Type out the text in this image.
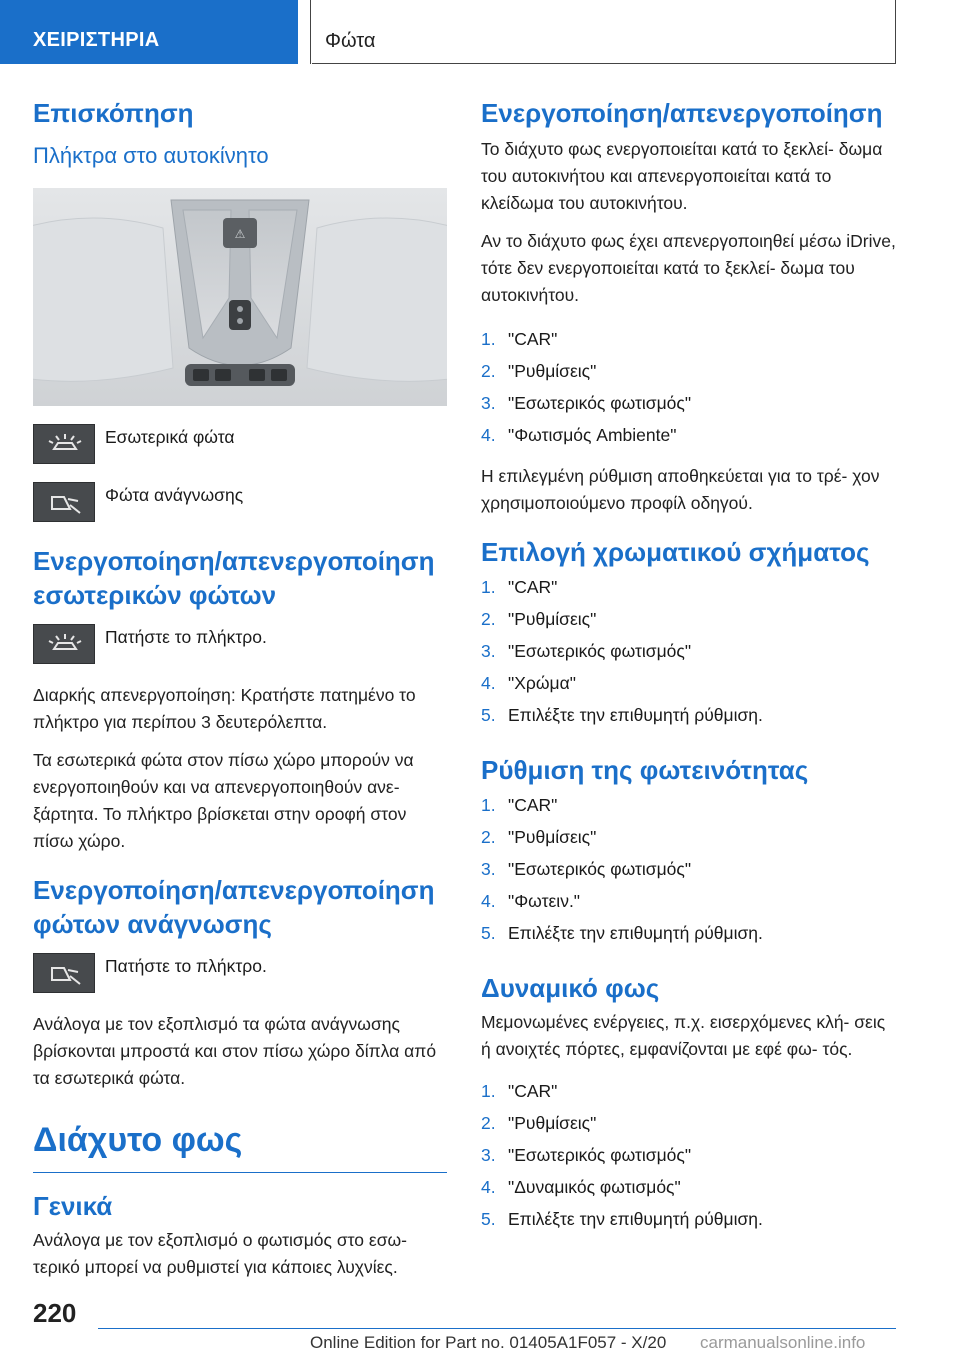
ΧΕΙΡΙΣΤΗΡΙΑ	Φώτα
Επισκόπηση
Πλήκτρα στο αυτοκίνητο
⚠
Εσωτερικά φώτα
Φώτα ανάγνωσης
Ενεργοποίηση/απενεργοποίηση εσωτερικών φώτων
Πατήστε το πλήκτρο.

Διαρκής απενεργοποίηση: Κρατήστε πατημένο το πλήκτρο για περίπου 3 δευτερόλεπτα.

Τα εσωτερικά φώτα στον πίσω χώρο μπορούν να ενεργοποιηθούν και να απενεργοποιηθούν ανε- ξάρτητα. Το πλήκτρο βρίσκεται στην οροφή στον πίσω χώρο.

Ενεργοποίηση/απενεργοποίηση φώτων ανάγνωσης
Πατήστε το πλήκτρο.

Ανάλογα με τον εξοπλισμό τα φώτα ανάγνωσης βρίσκονται μπροστά και στον πίσω χώρο δίπλα από τα εσωτερικά φώτα.

Διάχυτο φως
Γενικά

Ανάλογα με τον εξοπλισμό ο φωτισμός στο εσω- τερικό μπορεί να ρυθμιστεί για κάποιες λυχνίες.

Ενεργοποίηση/απενεργοποίηση

Το διάχυτο φως ενεργοποιείται κατά το ξεκλεί- δωμα του αυτοκινήτου και απενεργοποιείται κατά το κλείδωμα του αυτοκινήτου.

Αν το διάχυτο φως έχει απενεργοποιηθεί μέσω iDrive, τότε δεν ενεργοποιείται κατά το ξεκλεί- δωμα του αυτοκινήτου.

1. "CAR"
2. "Ρυθμίσεις"
3. "Εσωτερικός φωτισμός"
4. "Φωτισμός Ambiente"

Η επιλεγμένη ρύθμιση αποθηκεύεται για το τρέ- χον χρησιμοποιούμενο προφίλ οδηγού.

Επιλογή χρωματικού σχήματος
1. "CAR"
2. "Ρυθμίσεις"
3. "Εσωτερικός φωτισμός"
4. "Χρώμα"
5. Επιλέξτε την επιθυμητή ρύθμιση.
Ρύθμιση της φωτεινότητας
1. "CAR"
2. "Ρυθμίσεις"
3. "Εσωτερικός φωτισμός"
4. "Φωτειν."
5. Επιλέξτε την επιθυμητή ρύθμιση.
Δυναμικό φως

Μεμονωμένες ενέργειες, π.χ. εισερχόμενες κλή- σεις ή ανοιχτές πόρτες, εμφανίζονται με εφέ φω- τός.

1. "CAR"
2. "Ρυθμίσεις"
3. "Εσωτερικός φωτισμός"
4. "Δυναμικός φωτισμός"
5. Επιλέξτε την επιθυμητή ρύθμιση.
220
Online Edition for Part no. 01405A1F057 - X/20 carmanualsonline.info
